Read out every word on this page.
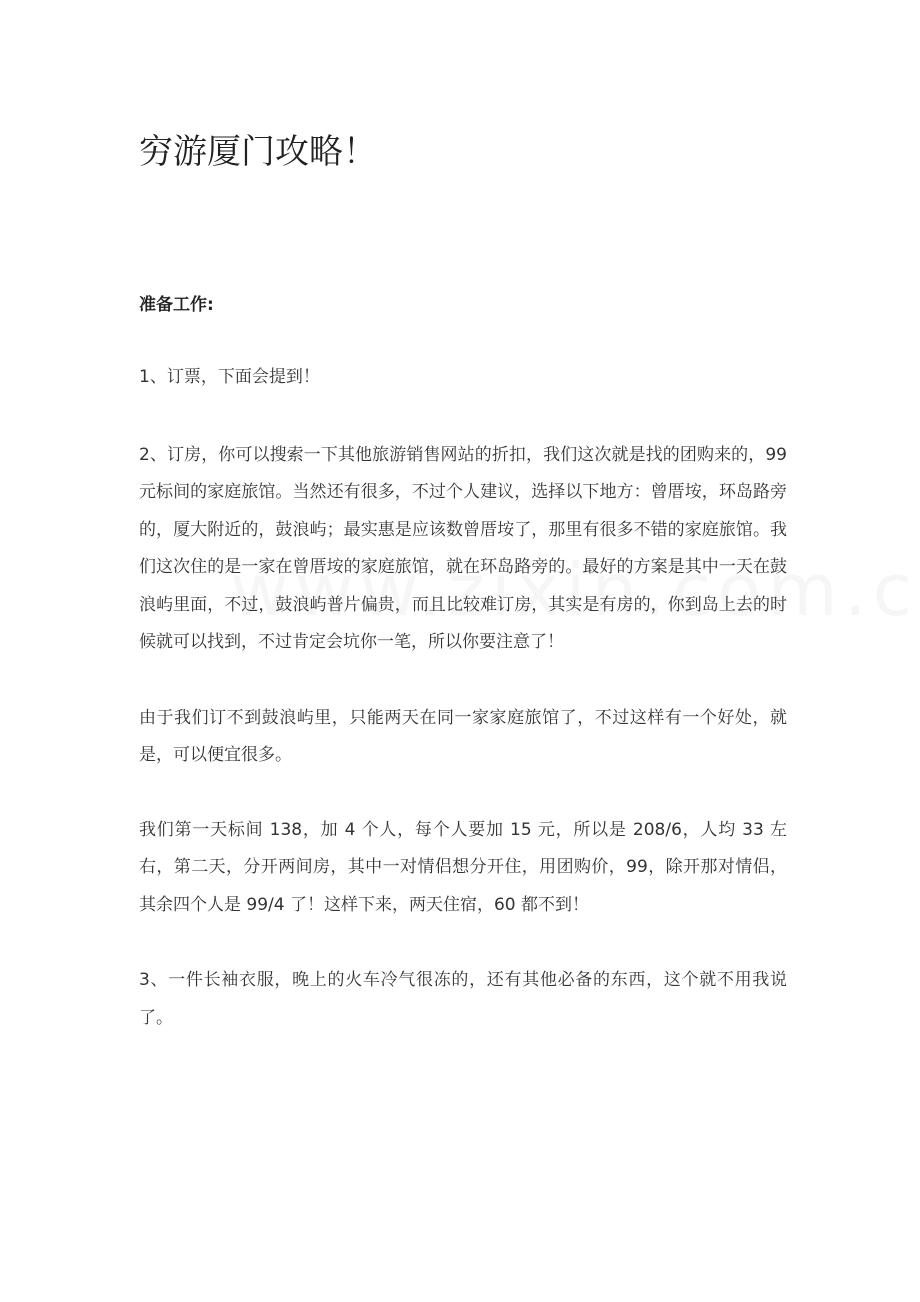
穷游厦门攻略！

准备工作:

1、订票，下面会提到！

2、订房，你可以搜索一下其他旅游销售网站的折扣，我们这次就是找的团购来的，99 元标间的家庭旅馆。当然还有很多，不过个人建议，选择以下地方：曾厝垵，环岛路旁的，厦大附近的，鼓浪屿；最实惠是应该数曾厝垵了，那里有很多不错的家庭旅馆。我们这次住的是一家在曾厝垵的家庭旅馆，就在环岛路旁的。最好的方案是其中一天在鼓浪屿里面，不过，鼓浪屿普片偏贵，而且比较难订房，其实是有房的，你到岛上去的时候就可以找到，不过肯定会坑你一笔，所以你要注意了！

由于我们订不到鼓浪屿里，只能两天在同一家家庭旅馆了，不过这样有一个好处，就是，可以便宜很多。

我们第一天标间 138，加 4 个人，每个人要加 15 元，所以是 208/6，人均 33 左右，第二天，分开两间房，其中一对情侣想分开住，用团购价，99，除开那对情侣，其余四个人是 99/4 了！这样下来，两天住宿，60 都不到！

3、一件长袖衣服，晚上的火车冷气很冻的，还有其他必备的东西，这个就不用我说了。
